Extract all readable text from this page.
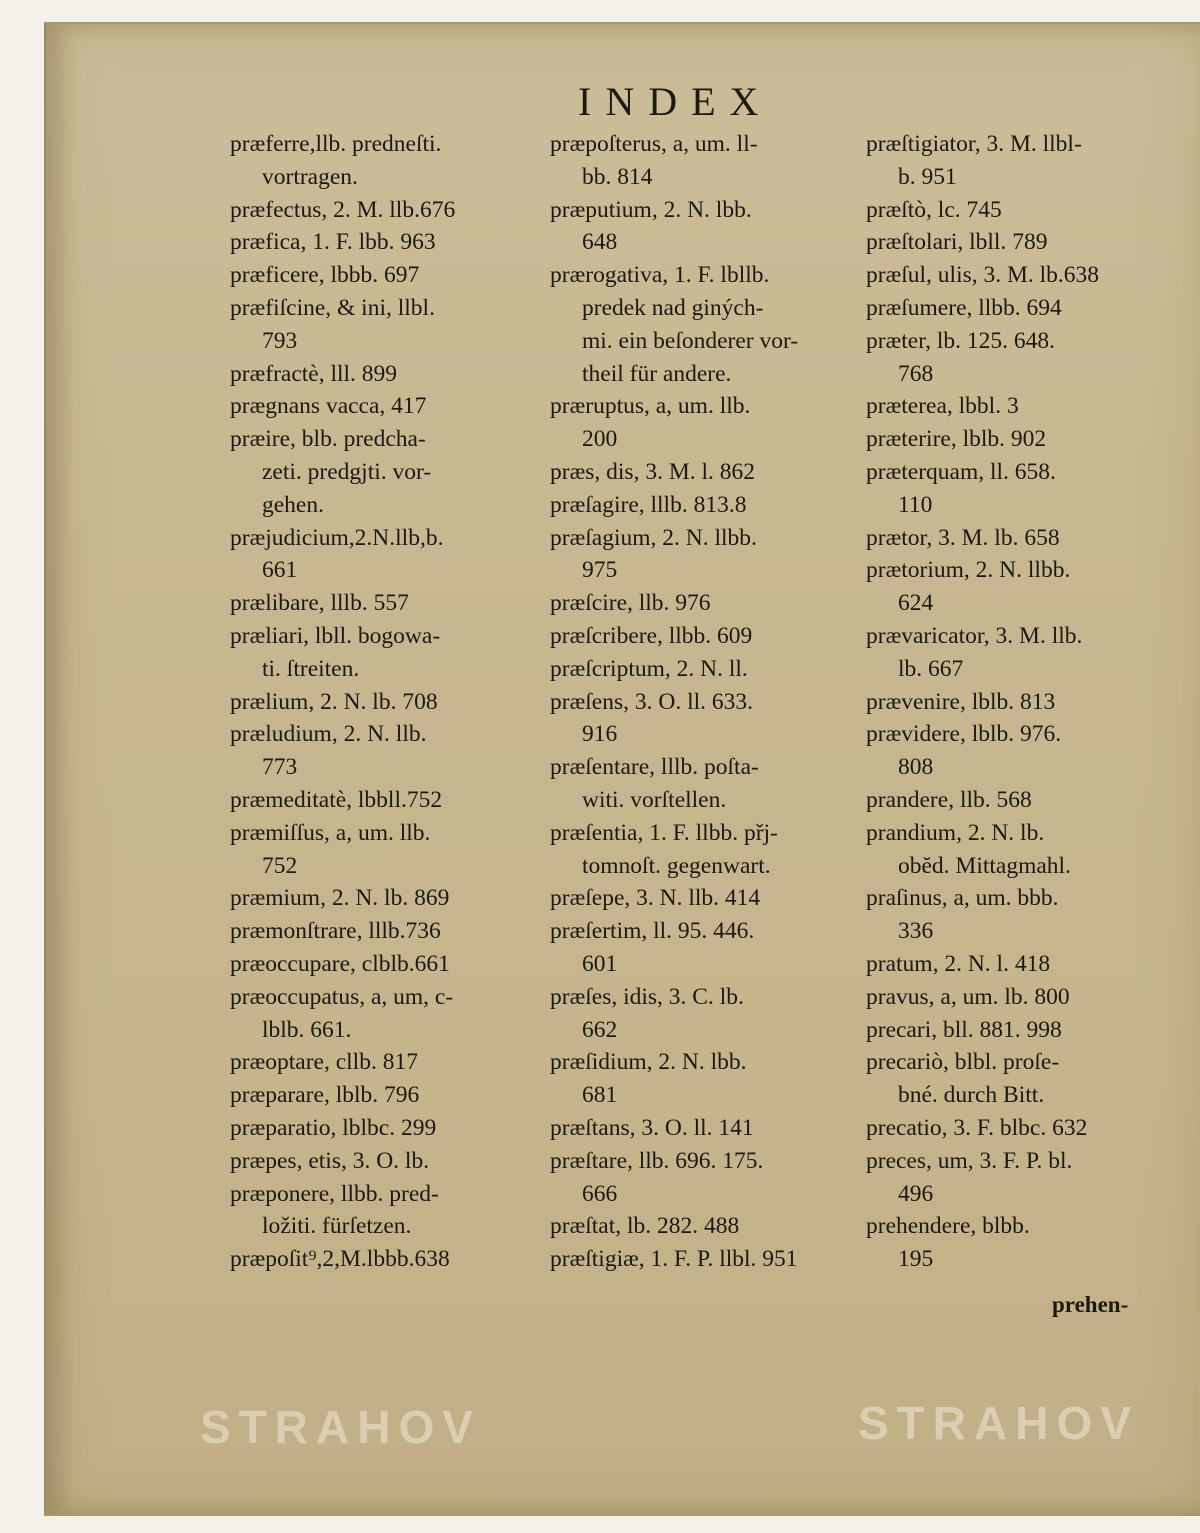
INDEX
præferre,llb. predneſti.
vortragen.
præfectus, 2. M. llb.676
præfica, 1. F. lbb. 963
præficere, lbbb. 697
præfiſcine, & ini, llbl.
793
præfractè, lll. 899
prægnans vacca, 417
præire, blb. predcha-
zeti. predgjti. vor-
gehen.
præjudicium,2.N.llb,b.
661
prælibare, lllb. 557
præliari, lbll. bogowa-
ti. ſtreiten.
prælium, 2. N. lb. 708
præludium, 2. N. llb.
773
præmeditatè, lbbll.752
præmiſſus, a, um. llb.
752
præmium, 2. N. lb. 869
præmonſtrare, lllb.736
præoccupare, clblb.661
præoccupatus, a, um, c-
lblb. 661.
præoptare, cllb. 817
præparare, lblb. 796
præparatio, lblbc. 299
præpes, etis, 3. O. lb.
præponere, llbb. pred-
ložiti. fürſetzen.
præpoſit⁹,2,M.lbbb.638
præpoſterus, a, um. ll-
bb. 814
præputium, 2. N. lbb.
648
prærogativa, 1. F. lbllb.
predek nad giných-
mi. ein beſonderer vor-
theil für andere.
præruptus, a, um. llb.
200
præs, dis, 3. M. l. 862
præſagire, lllb. 813.8
præſagium, 2. N. llbb.
975
præſcire, llb. 976
præſcribere, llbb. 609
præſcriptum, 2. N. ll.
præſens, 3. O. ll. 633.
916
præſentare, lllb. poſta-
witi. vorſtellen.
præſentia, 1. F. llbb. přj-
tomnoſt. gegenwart.
præſepe, 3. N. llb. 414
præſertim, ll. 95. 446.
601
præſes, idis, 3. C. lb.
662
præſidium, 2. N. lbb.
681
præſtans, 3. O. ll. 141
præſtare, llb. 696. 175.
666
præſtat, lb. 282. 488
præſtigiæ, 1. F. P. llbl. 951
præſtigiator, 3. M. llbl-
b. 951
præſtò, lc. 745
præſtolari, lbll. 789
præſul, ulis, 3. M. lb.638
præſumere, llbb. 694
præter, lb. 125. 648.
768
præterea, lbbl. 3
præterire, lblb. 902
præterquam, ll. 658.
110
prætor, 3. M. lb. 658
prætorium, 2. N. llbb.
624
prævaricator, 3. M. llb.
lb. 667
prævenire, lblb. 813
prævidere, lblb. 976.
808
prandere, llb. 568
prandium, 2. N. lb.
obĕd. Mittagmahl.
praſinus, a, um. bbb.
336
pratum, 2. N. l. 418
pravus, a, um. lb. 800
precari, bll. 881. 998
precariò, blbl. proſe-
bné. durch Bitt.
precatio, 3. F. blbc. 632
preces, um, 3. F. P. bl.
496
prehendere, blbb.
195
prehen-
STRAHOV	STRAHOV
